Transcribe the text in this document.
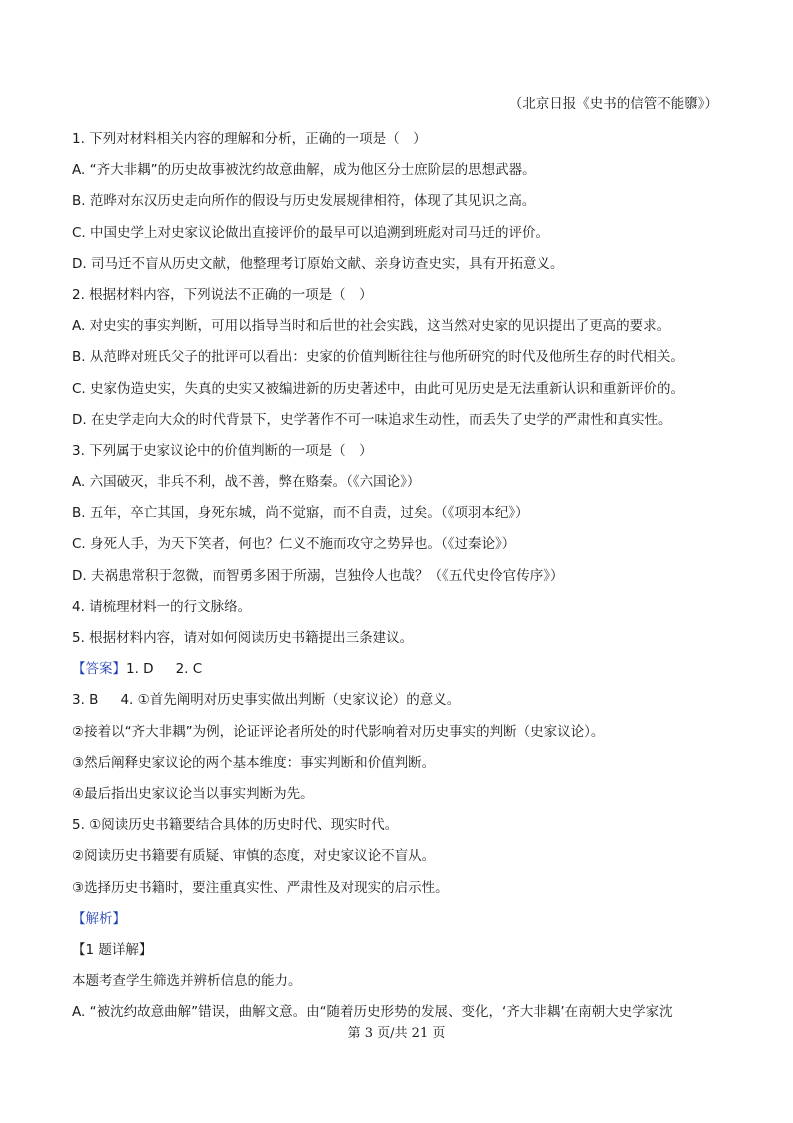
（北京日报《史书的信管不能隳》）
1. 下列对材料相关内容的理解和分析，正确的一项是（　）
A. “齐大非耦”的历史故事被沈约故意曲解，成为他区分士庶阶层的思想武器。
B. 范晔对东汉历史走向所作的假设与历史发展规律相符，体现了其见识之高。
C. 中国史学上对史家议论做出直接评价的最早可以追溯到班彪对司马迁的评价。
D. 司马迁不盲从历史文献，他整理考订原始文献、亲身访查史实，具有开拓意义。
2. 根据材料内容，下列说法不正确的一项是（　）
A. 对史实的事实判断，可用以指导当时和后世的社会实践，这当然对史家的见识提出了更高的要求。
B. 从范晔对班氏父子的批评可以看出：史家的价值判断往往与他所研究的时代及他所生存的时代相关。
C. 史家伪造史实，失真的史实又被编进新的历史著述中，由此可见历史是无法重新认识和重新评价的。
D. 在史学走向大众的时代背景下，史学著作不可一味追求生动性，而丢失了史学的严肃性和真实性。
3. 下列属于史家议论中的价值判断的一项是（　）
A. 六国破灭，非兵不利，战不善，弊在赂秦。（《六国论》）
B. 五年，卒亡其国，身死东城，尚不觉寤，而不自责，过矣。（《项羽本纪》）
C. 身死人手，为天下笑者，何也？仁义不施而攻守之势异也。（《过秦论》）
D. 夫祸患常积于忽微，而智勇多困于所溺，岂独伶人也哉？（《五代史伶官传序》）
4. 请梳理材料一的行文脉络。
5. 根据材料内容，请对如何阅读历史书籍提出三条建议。
【答案】1. D 2. C
3. B 4. ①首先阐明对历史事实做出判断（史家议论）的意义。
②接着以“齐大非耦”为例，论证评论者所处的时代影响着对历史事实的判断（史家议论）。
③然后阐释史家议论的两个基本维度：事实判断和价值判断。
④最后指出史家议论当以事实判断为先。
5. ①阅读历史书籍要结合具体的历史时代、现实时代。
②阅读历史书籍要有质疑、审慎的态度，对史家议论不盲从。
③选择历史书籍时，要注重真实性、严肃性及对现实的启示性。
【解析】
【1 题详解】
本题考查学生筛选并辨析信息的能力。
A. “被沈约故意曲解”错误，曲解文意。由“随着历史形势的发展、变化，‘齐大非耦’在南朝大史学家沈
第 3 页/共 21 页
